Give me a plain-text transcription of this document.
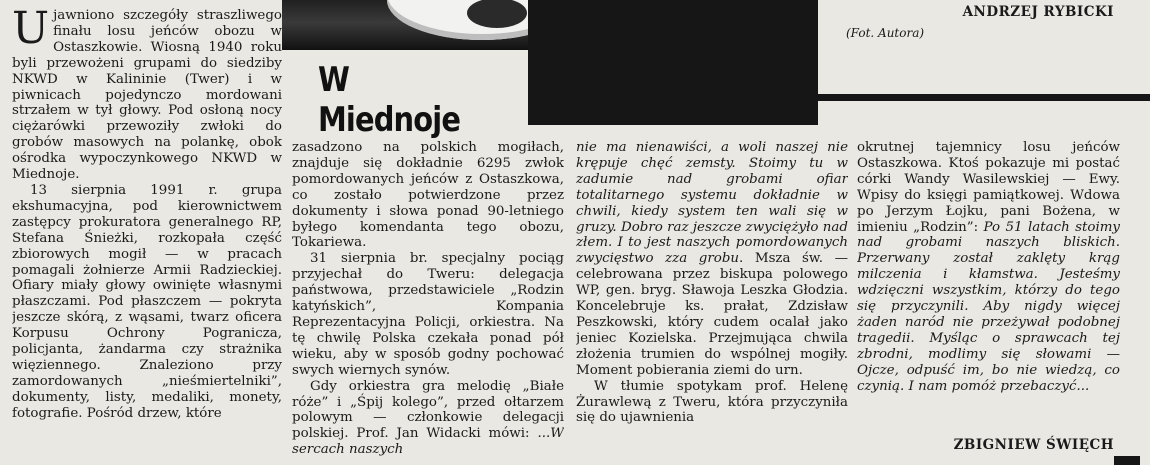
W Miednoje
ANDRZEJ RYBICKI
(Fot. Autora)

Ujawniono szczegóły straszliwego finału losu jeńców obozu w Ostaszkowie. Wiosną 1940 roku byli przewożeni grupami do siedziby NKWD w Kalininie (Twer) i w piwnicach pojedynczo mordowani strzałem w tył głowy. Pod osłoną nocy ciężarówki przewoziły zwłoki do grobów masowych na polankę, obok ośrodka wypoczynkowego NKWD w Miednoje.

13 sierpnia 1991 r. grupa ekshumacyjna, pod kierownictwem zastępcy prokuratora generalnego RP, Stefana Śnieżki, rozkopała część zbiorowych mogił — w pracach pomagali żołnierze Armii Radzieckiej. Ofiary miały głowy owinięte własnymi płaszczami. Pod płaszczem — pokryta jeszcze skórą, z wąsami, twarz oficera Korpusu Ochrony Pogranicza, policjanta, żandarma czy strażnika więziennego. Znaleziono przy zamordowanych „nieśmiertelniki”, dokumenty, listy, medaliki, monety, fotografie. Pośród drzew, które

zasadzono na polskich mogiłach, znajduje się dokładnie 6295 zwłok pomordowanych jeńców z Ostaszkowa, co zostało potwierdzone przez dokumenty i słowa ponad 90-letniego byłego komendanta tego obozu, Tokariewa.

31 sierpnia br. specjalny pociąg przyjechał do Tweru: delegacja państwowa, przedstawiciele „Rodzin katyńskich”, Kompania Reprezentacyjna Policji, orkiestra. Na tę chwilę Polska czekała ponad pół wieku, aby w sposób godny pochować swych wiernych synów.

Gdy orkiestra gra melodię „Białe róże” i „Śpij kolego”, przed ołtarzem polowym — członkowie delegacji polskiej. Prof. Jan Widacki mówi: ...W sercach naszych

nie ma nienawiści, a woli naszej nie krępuje chęć zemsty. Stoimy tu w zadumie nad grobami ofiar totalitarnego systemu dokładnie w chwili, kiedy system ten wali się w gruzy. Dobro raz jeszcze zwyciężyło nad złem. I to jest naszych pomordowanych zwycięstwo zza grobu. Msza św. — celebrowana przez biskupa polowego WP, gen. bryg. Sławoja Leszka Głodzia. Koncelebruje ks. prałat, Zdzisław Peszkowski, który cudem ocalał jako jeniec Kozielska. Przejmująca chwila złożenia trumien do wspólnej mogiły. Moment pobierania ziemi do urn.

W tłumie spotykam prof. Helenę Żurawlewą z Tweru, która przyczyniła się do ujawnienia

okrutnej tajemnicy losu jeńców Ostaszkowa. Ktoś pokazuje mi postać córki Wandy Wasilewskiej — Ewy. Wpisy do księgi pamiątkowej. Wdowa po Jerzym Łojku, pani Bożena, w imieniu „Rodzin”: Po 51 latach stoimy nad grobami naszych bliskich. Przerwany został zaklęty krąg milczenia i kłamstwa. Jesteśmy wdzięczni wszystkim, którzy do tego się przyczynili. Aby nigdy więcej żaden naród nie przeżywał podobnej tragedii. Myśląc o sprawcach tej zbrodni, modlimy się słowami — Ojcze, odpuść im, bo nie wiedzą, co czynią. I nam pomóż przebaczyć...

ZBIGNIEW ŚWIĘCH
